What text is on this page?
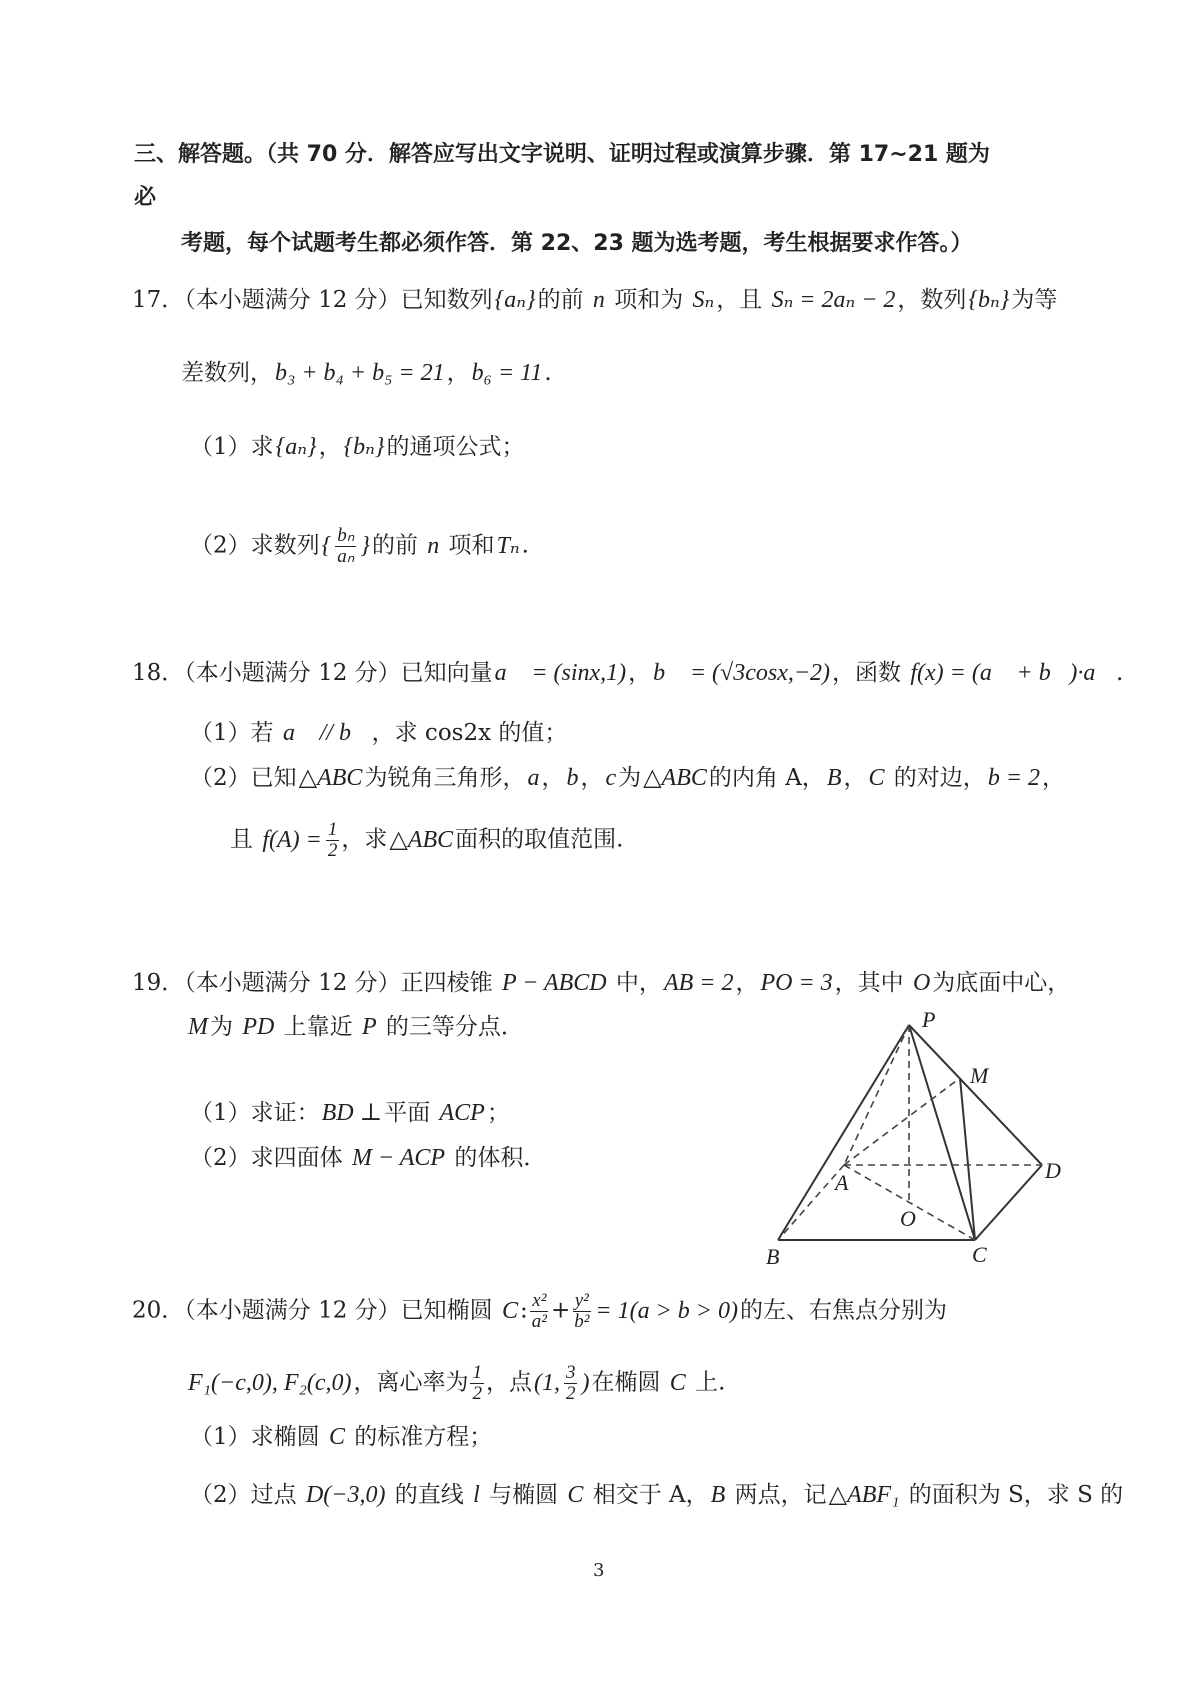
P
M
D
A
O
B	C
三、解答题。（共 70 分．解答应写出文字说明、证明过程或演算步骤．第 17~21 题为
必
考题，每个试题考生都必须作答．第 22、23 题为选考题，考生根据要求作答。）
17．（本小题满分 12 分）已知数列{aₙ}的前 n 项和为 Sₙ，且 Sₙ = 2aₙ − 2，数列{bₙ}为等
差数列，b₃ + b₄ + b₅ = 21，b₆ = 11.
（1）求{aₙ}，{bₙ}的通项公式；
（2）求数列{ $\frac{\text{bₙ}}{\text{aₙ}}$ }的前 n 项和Tₙ.
18．（本小题满分 12 分）已知向量a⃗ = (sinx,1)，b⃗ = (√3cosx,−2)，函数 f(x) = (a⃗ + b⃗)·a⃗.
（1）若 a⃗ // b⃗，求 cos2x 的值；
（2）已知△ABC为锐角三角形，a，b，c为△ABC的内角 A，B，C 的对边，b = 2，
且 $f(A) = \frac{1}{2}$ ，求△ABC面积的取值范围.
19．（本小题满分 12 分）正四棱锥 P − ABCD 中，AB = 2，PO = 3，其中 O为底面中心，
M为 PD 上靠近 P 的三等分点．
（1）求证：BD ⊥平面 ACP；
（2）求四面体 M − ACP 的体积．
20．（本小题满分 12 分）已知椭圆 C: $\frac{\text{x²}}{\text{a²}} + \frac{\text{y²}}{\text{b²}} = 1(a > b > 0)$的左、右焦点分别为
F₁(−c,0), F₂(c,0)，离心率为 $\frac{1}{2}$ ，点(1, $\frac{3}{2}$ )在椭圆 C 上.
（1）求椭圆 C 的标准方程；
（2）过点 D(−3,0) 的直线 l 与椭圆 C 相交于 A，B 两点，记△ABF₁ 的面积为 S，求 S 的
3
